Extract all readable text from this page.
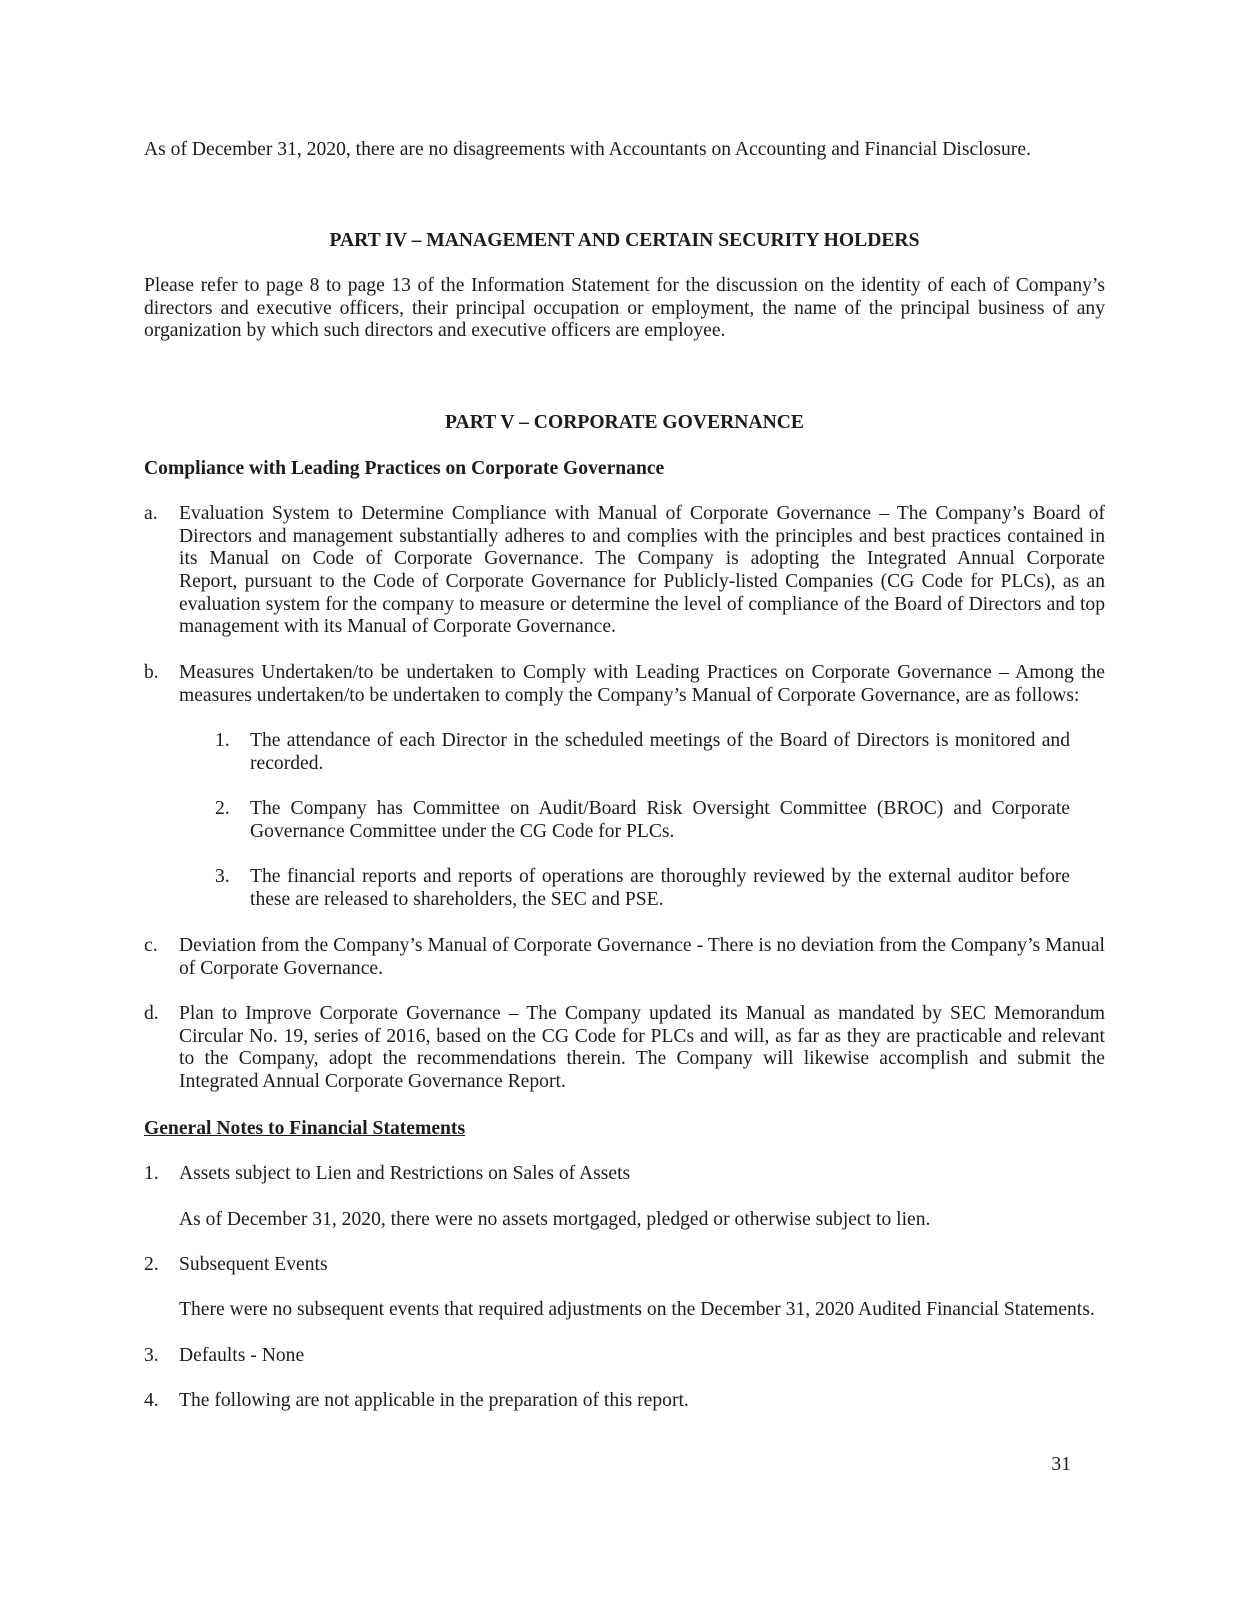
As of December 31, 2020, there are no disagreements with Accountants on Accounting and Financial Disclosure.
PART IV – MANAGEMENT AND CERTAIN SECURITY HOLDERS
Please refer to page 8 to page 13 of the Information Statement for the discussion on the identity of each of Company’s
directors and executive officers, their principal occupation or employment, the name of the principal business of any
organization by which such directors and executive officers are employee.
PART V – CORPORATE GOVERNANCE
Compliance with Leading Practices on Corporate Governance
a.	Evaluation System to Determine Compliance with Manual of Corporate Governance – The Company’s Board of
Directors and management substantially adheres to and complies with the principles and best practices contained in
its Manual on Code of Corporate Governance. The Company is adopting the Integrated Annual Corporate
Report, pursuant to the Code of Corporate Governance for Publicly-listed Companies (CG Code for PLCs), as an
evaluation system for the company to measure or determine the level of compliance of the Board of Directors and top
management with its Manual of Corporate Governance.
b.	Measures Undertaken/to be undertaken to Comply with Leading Practices on Corporate Governance – Among the
measures undertaken/to be undertaken to comply the Company’s Manual of Corporate Governance, are as follows:
1.	The attendance of each Director in the scheduled meetings of the Board of Directors is monitored and
recorded.
2.	The Company has Committee on Audit/Board Risk Oversight Committee (BROC) and Corporate
Governance Committee under the CG Code for PLCs.
3.	The financial reports and reports of operations are thoroughly reviewed by the external auditor before
these are released to shareholders, the SEC and PSE.
c.	Deviation from the Company’s Manual of Corporate Governance - There is no deviation from the Company’s Manual
of Corporate Governance.
d.	Plan to Improve Corporate Governance – The Company updated its Manual as mandated by SEC Memorandum
Circular No. 19, series of 2016, based on the CG Code for PLCs and will, as far as they are practicable and relevant
to the Company, adopt the recommendations therein. The Company will likewise accomplish and submit the
Integrated Annual Corporate Governance Report.
General Notes to Financial Statements
1.	Assets subject to Lien and Restrictions on Sales of Assets
As of December 31, 2020, there were no assets mortgaged, pledged or otherwise subject to lien.
2.	Subsequent Events
There were no subsequent events that required adjustments on the December 31, 2020 Audited Financial Statements.
3.	Defaults - None
4.	The following are not applicable in the preparation of this report.
31
